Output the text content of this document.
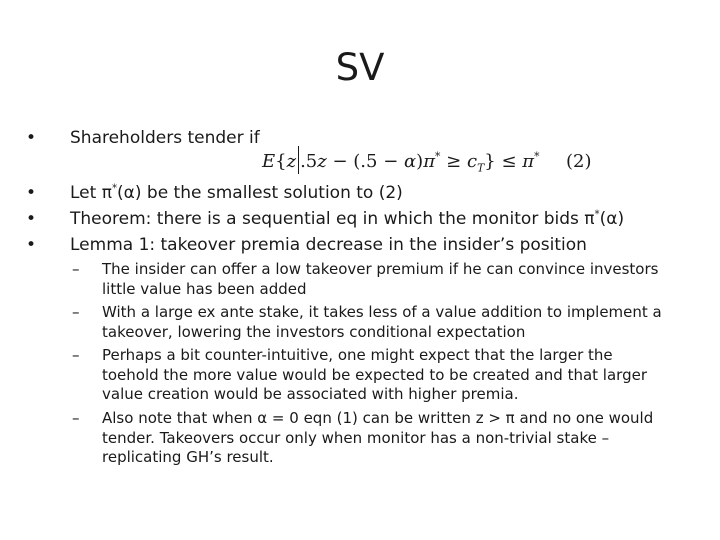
SV
• Shareholders tender if
E{z $.5z - (.5 - \alpha)\pi^* \ge c_T\} \le \pi^*$ (2)
• Let π*(α) be the smallest solution to (2)
• Theorem: there is a sequential eq in which the monitor bids π*(α)
• Lemma 1: takeover premia decrease in the insider’s position
– The insider can offer a low takeover premium if he can convince investors little value has been added
– With a large ex ante stake, it takes less of a value addition to implement a takeover, lowering the investors conditional expectation
– Perhaps a bit counter-intuitive, one might expect that the larger the toehold the more value would be expected to be created and that larger value creation would be associated with higher premia.
– Also note that when α = 0 eqn (1) can be written z > π and no one would tender. Takeovers occur only when monitor has a non-trivial stake – replicating GH’s result.
